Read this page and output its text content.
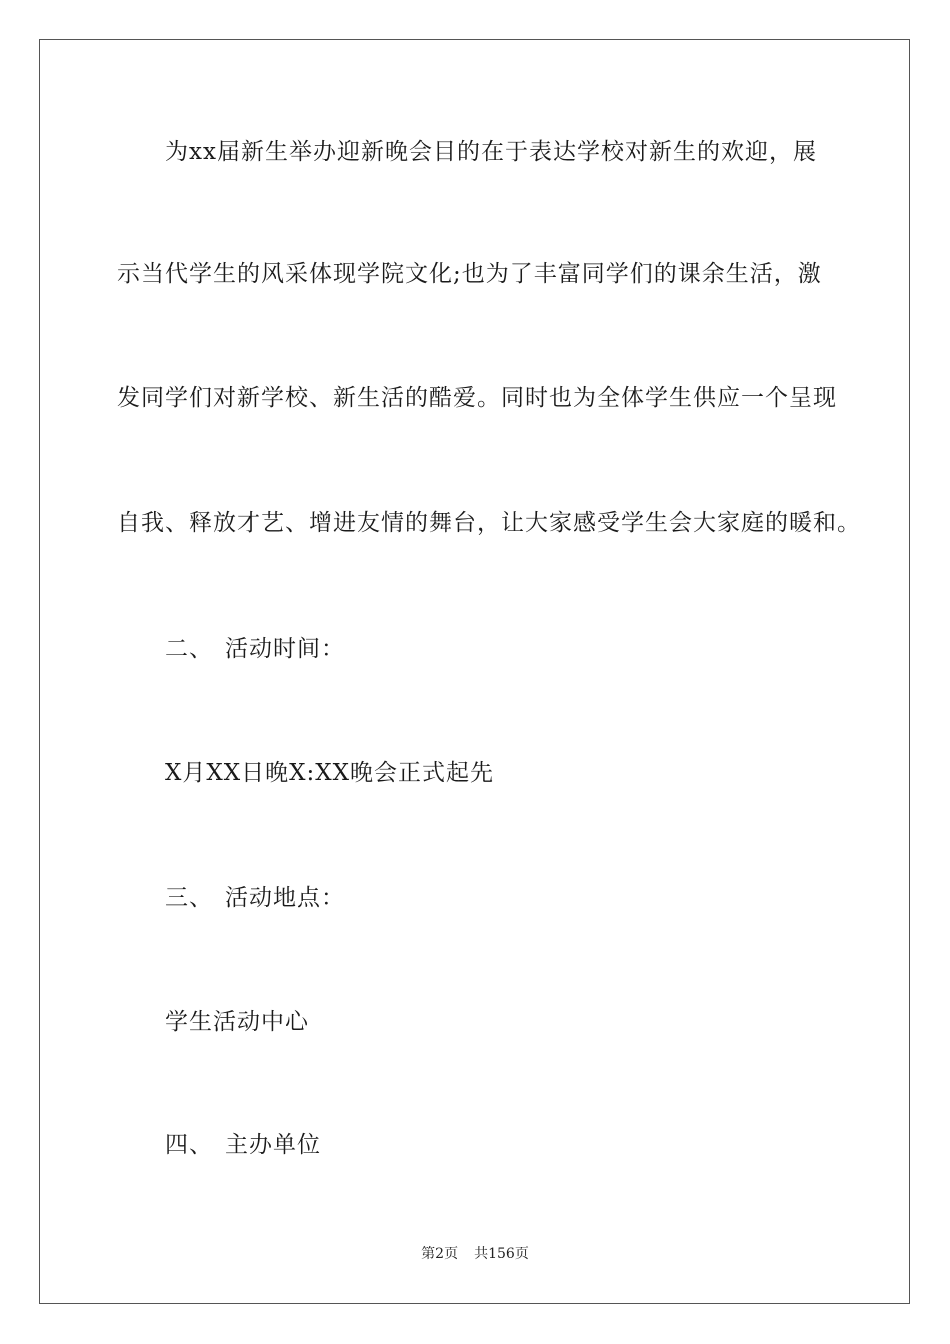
为xx届新生举办迎新晚会目的在于表达学校对新生的欢迎，展
示当代学生的风采体现学院文化;也为了丰富同学们的课余生活，激
发同学们对新学校、新生活的酷爱。同时也为全体学生供应一个呈现
自我、释放才艺、增进友情的舞台，让大家感受学生会大家庭的暖和。
二、 活动时间：
X月XX日晚X:XX晚会正式起先
三、 活动地点：
学生活动中心
四、 主办单位
第2页 共156页
